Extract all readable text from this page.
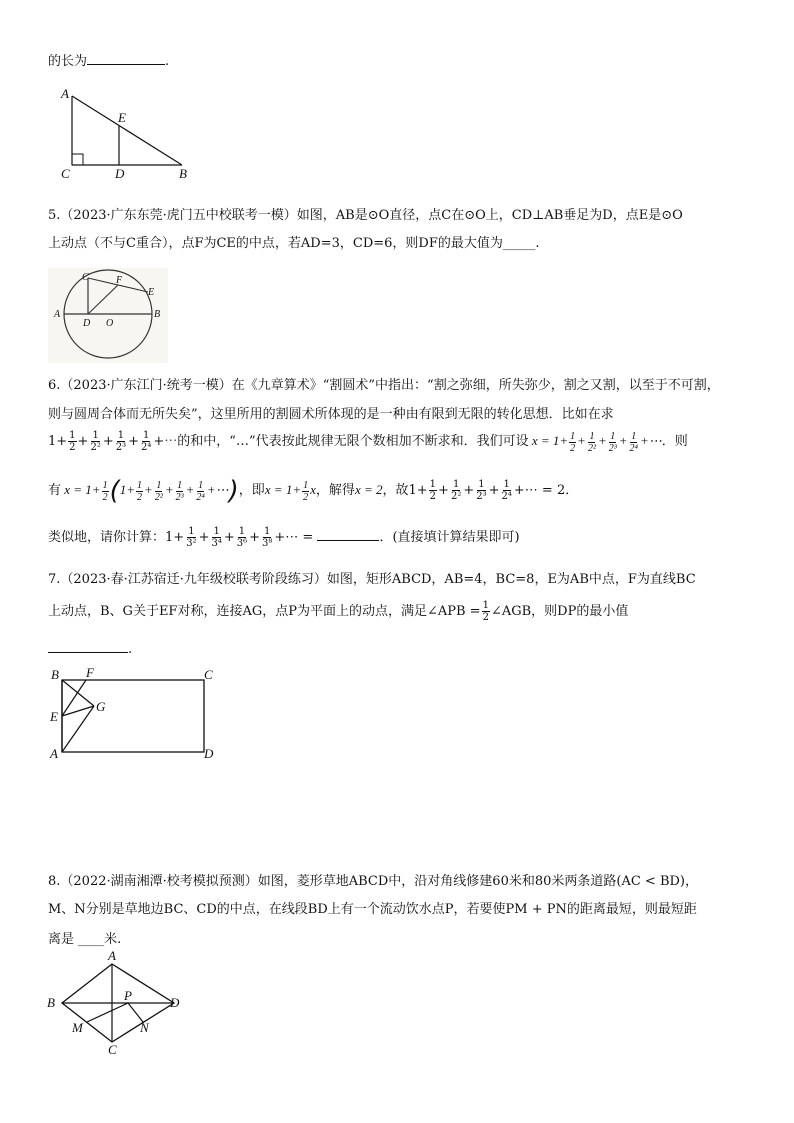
的长为	.
A
E
C	D	B
5.（2023·广东东莞·虎门五中校联考一模）如图，AB是⊙O直径，点C在⊙O上，CD⊥AB垂足为D，点E是⊙O
上动点（不与C重合），点F为CE的中点，若AD=3，CD=6，则DF的最大值为_____.
C	F
E
A
D O
B
6.（2023·广东江门·统考一模）在《九章算术》“割圆术”中指出：“割之弥细，所失弥少，割之又割，以至于不可割，
则与圆周合体而无所失矣”，这里所用的割圆术所体现的是一种由有限到无限的转化思想．比如在求
$1+ \frac{1}{2} + \frac{1}{\text{2²}} + \frac{1}{\text{2³}} + \frac{1}{\text{2⁴}}$ +⋯的和中，“…”代表按此规律无限个数相加不断求和．我们可设 $x = 1+ \frac{1}{2} + \frac{1}{\text{2²}} + \frac{1}{\text{2³}} + \frac{1}{\text{2⁴}}$ +⋯．则
有 $x = 1+ \frac{1}{2} (1+ \frac{1}{2} + \frac{1}{\text{2²}} + \frac{1}{\text{2³}} + \frac{1}{\text{2⁴}}$ +⋯)，即$x = 1+ \frac{1}{2}$ x，解得x = 2，故$1+ \frac{1}{2} + \frac{1}{\text{2²}} + \frac{1}{\text{2³}} + \frac{1}{\text{2⁴}}$ +⋯ = 2．
类似地，请你计算：$1+ \frac{1}{\text{3²}} + \frac{1}{\text{3⁴}} + \frac{1}{\text{3⁶}} + \frac{1}{\text{3⁸}}$ +⋯ =	．(直接填计算结果即可)
7.（2023·春·江苏宿迁·九年级校联考阶段练习）如图，矩形ABCD，AB=4，BC=8，E为AB中点，F为直线BC
上动点，B、G关于EF对称，连接AG，点P为平面上的动点，满足∠APB = $\frac{1}{2}$ ∠AGB，则DP的最小值
.
B F	C
G
E
A	D
8.（2022·湖南湘潭·校考模拟预测）如图，菱形草地ABCD中，沿对角线修建60米和80米两条道路(AC < BD)，
M、N分别是草地边BC、CD的中点，在线段BD上有一个流动饮水点P，若要使PM + PN的距离最短，则最短距
离是 ____米.
A
B	P	D
M	N
C
